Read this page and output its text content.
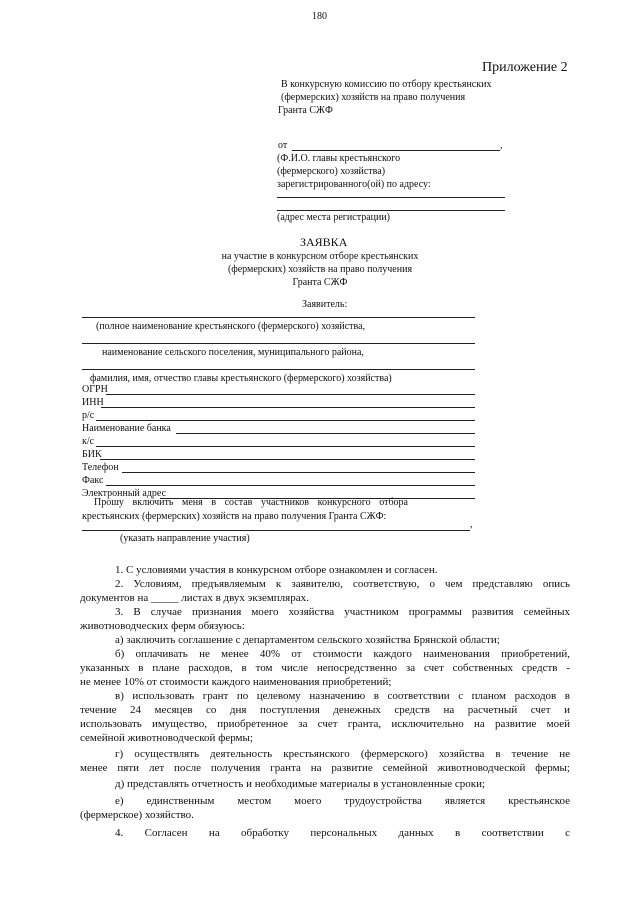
180
Приложение 2
В конкурсную комиссию по отбору крестьянских
(фермерских) хозяйств на право получения
Гранта СЖФ
от	,
(Ф.И.О. главы крестьянского
(фермерского) хозяйства)
зарегистрированного(ой) по адресу:
(адрес места регистрации)
ЗАЯВКА
на участие в конкурсном отборе крестьянских
(фермерских) хозяйств на право получения
Гранта СЖФ
Заявитель:
(полное наименование крестьянского (фермерского) хозяйства,
наименование сельского поселения, муниципального района,
фамилия, имя, отчество главы крестьянского (фермерского) хозяйства)
ОГРН
ИНН
р/с
Наименование банка
к/с
БИК
Телефон
Факс
Электронный адрес
Прошу включить меня в состав участников конкурсного отбора
крестьянских (фермерских) хозяйств на право получения Гранта СЖФ:
,
(указать направление участия)
1. С условиями участия в конкурсном отборе ознакомлен и согласен.
2. Условиям, предъявляемым к заявителю, соответствую, о чем представляю опись
документов на _____ листах в двух экземплярах.
3. В случае признания моего хозяйства участником программы развития семейных
животноводческих ферм обязуюсь:
а) заключить соглашение с департаментом сельского хозяйства Брянской области;
б) оплачивать не менее 40% от стоимости каждого наименования приобретений,
указанных в плане расходов, в том числе непосредственно за счет собственных средств -
не менее 10% от стоимости каждого наименования приобретений;
в) использовать грант по целевому назначению в соответствии с планом расходов в
течение 24 месяцев со дня поступления денежных средств на расчетный счет и
использовать имущество, приобретенное за счет гранта, исключительно на развитие моей
семейной животноводческой фермы;
г) осуществлять деятельность крестьянского (фермерского) хозяйства в течение не
менее пяти лет после получения гранта на развитие семейной животноводческой фермы;
д) представлять отчетность и необходимые материалы в установленные сроки;
е) единственным местом моего трудоустройства является крестьянское
(фермерское) хозяйство.
4. Согласен на обработку персональных данных в соответствии с
